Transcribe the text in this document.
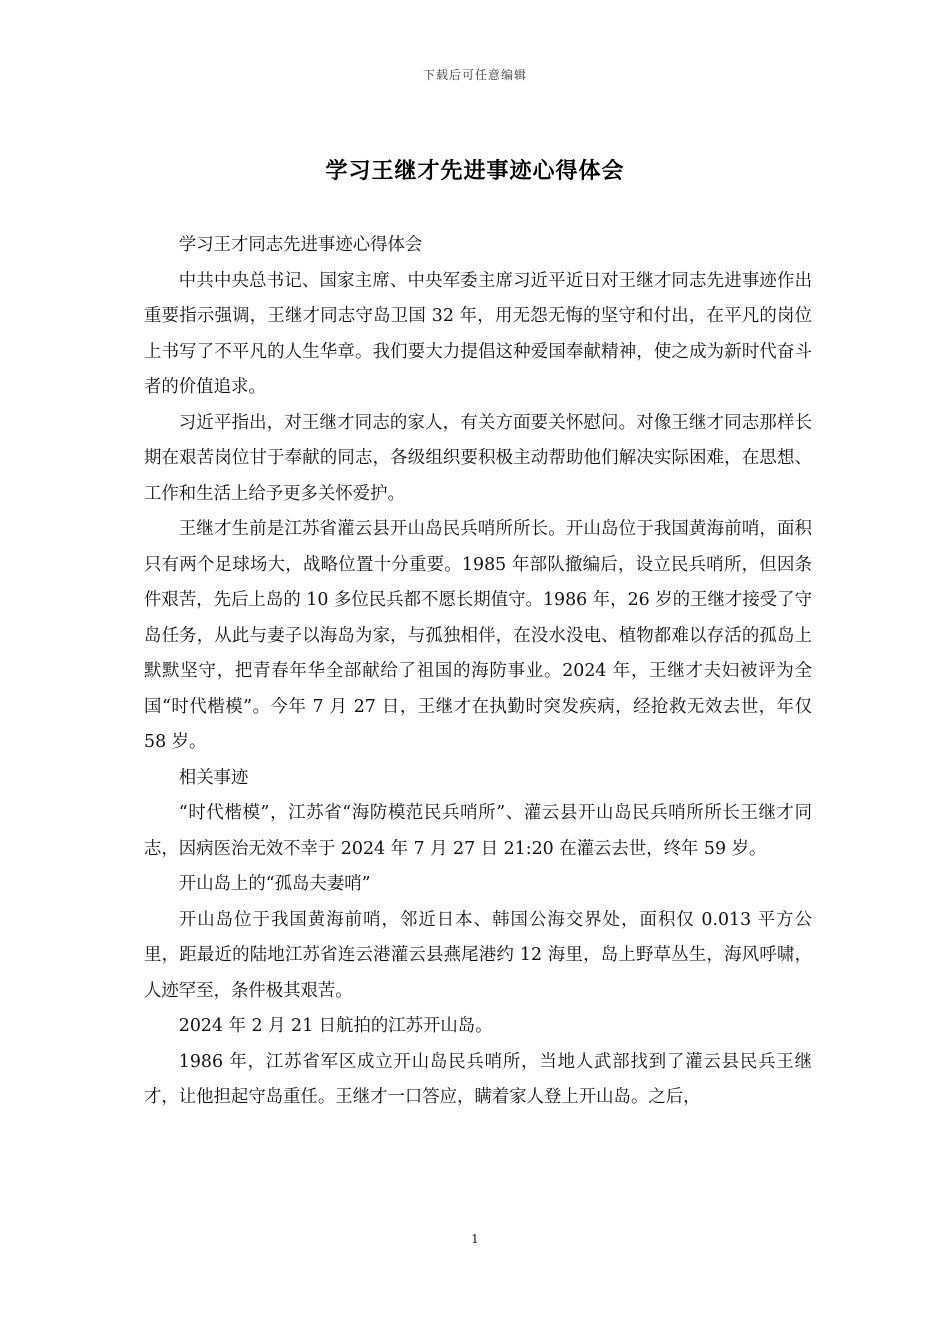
下载后可任意编辑
学习王继才先进事迹心得体会

学习王才同志先进事迹心得体会

中共中央总书记、国家主席、中央军委主席习近平近日对王继才同志先进事迹作出重要指示强调，王继才同志守岛卫国 32 年，用无怨无悔的坚守和付出，在平凡的岗位上书写了不平凡的人生华章。我们要大力提倡这种爱国奉献精神，使之成为新时代奋斗者的价值追求。

习近平指出，对王继才同志的家人，有关方面要关怀慰问。对像王继才同志那样长期在艰苦岗位甘于奉献的同志，各级组织要积极主动帮助他们解决实际困难，在思想、工作和生活上给予更多关怀爱护。

王继才生前是江苏省灌云县开山岛民兵哨所所长。开山岛位于我国黄海前哨，面积只有两个足球场大，战略位置十分重要。1985 年部队撤编后，设立民兵哨所，但因条件艰苦，先后上岛的 10 多位民兵都不愿长期值守。1986 年，26 岁的王继才接受了守岛任务，从此与妻子以海岛为家，与孤独相伴，在没水没电、植物都难以存活的孤岛上默默坚守，把青春年华全部献给了祖国的海防事业。2024 年，王继才夫妇被评为全国“时代楷模”。今年 7 月 27 日，王继才在执勤时突发疾病，经抢救无效去世，年仅 58 岁。

相关事迹

“时代楷模”，江苏省“海防模范民兵哨所”、灌云县开山岛民兵哨所所长王继才同志，因病医治无效不幸于 2024 年 7 月 27 日 21:20 在灌云去世，终年 59 岁。

开山岛上的“孤岛夫妻哨”

开山岛位于我国黄海前哨，邻近日本、韩国公海交界处，面积仅 0.013 平方公里，距最近的陆地江苏省连云港灌云县燕尾港约 12 海里，岛上野草丛生，海风呼啸，人迹罕至，条件极其艰苦。

2024 年 2 月 21 日航拍的江苏开山岛。

1986 年，江苏省军区成立开山岛民兵哨所，当地人武部找到了灌云县民兵王继才，让他担起守岛重任。王继才一口答应，瞒着家人登上开山岛。之后，

1
